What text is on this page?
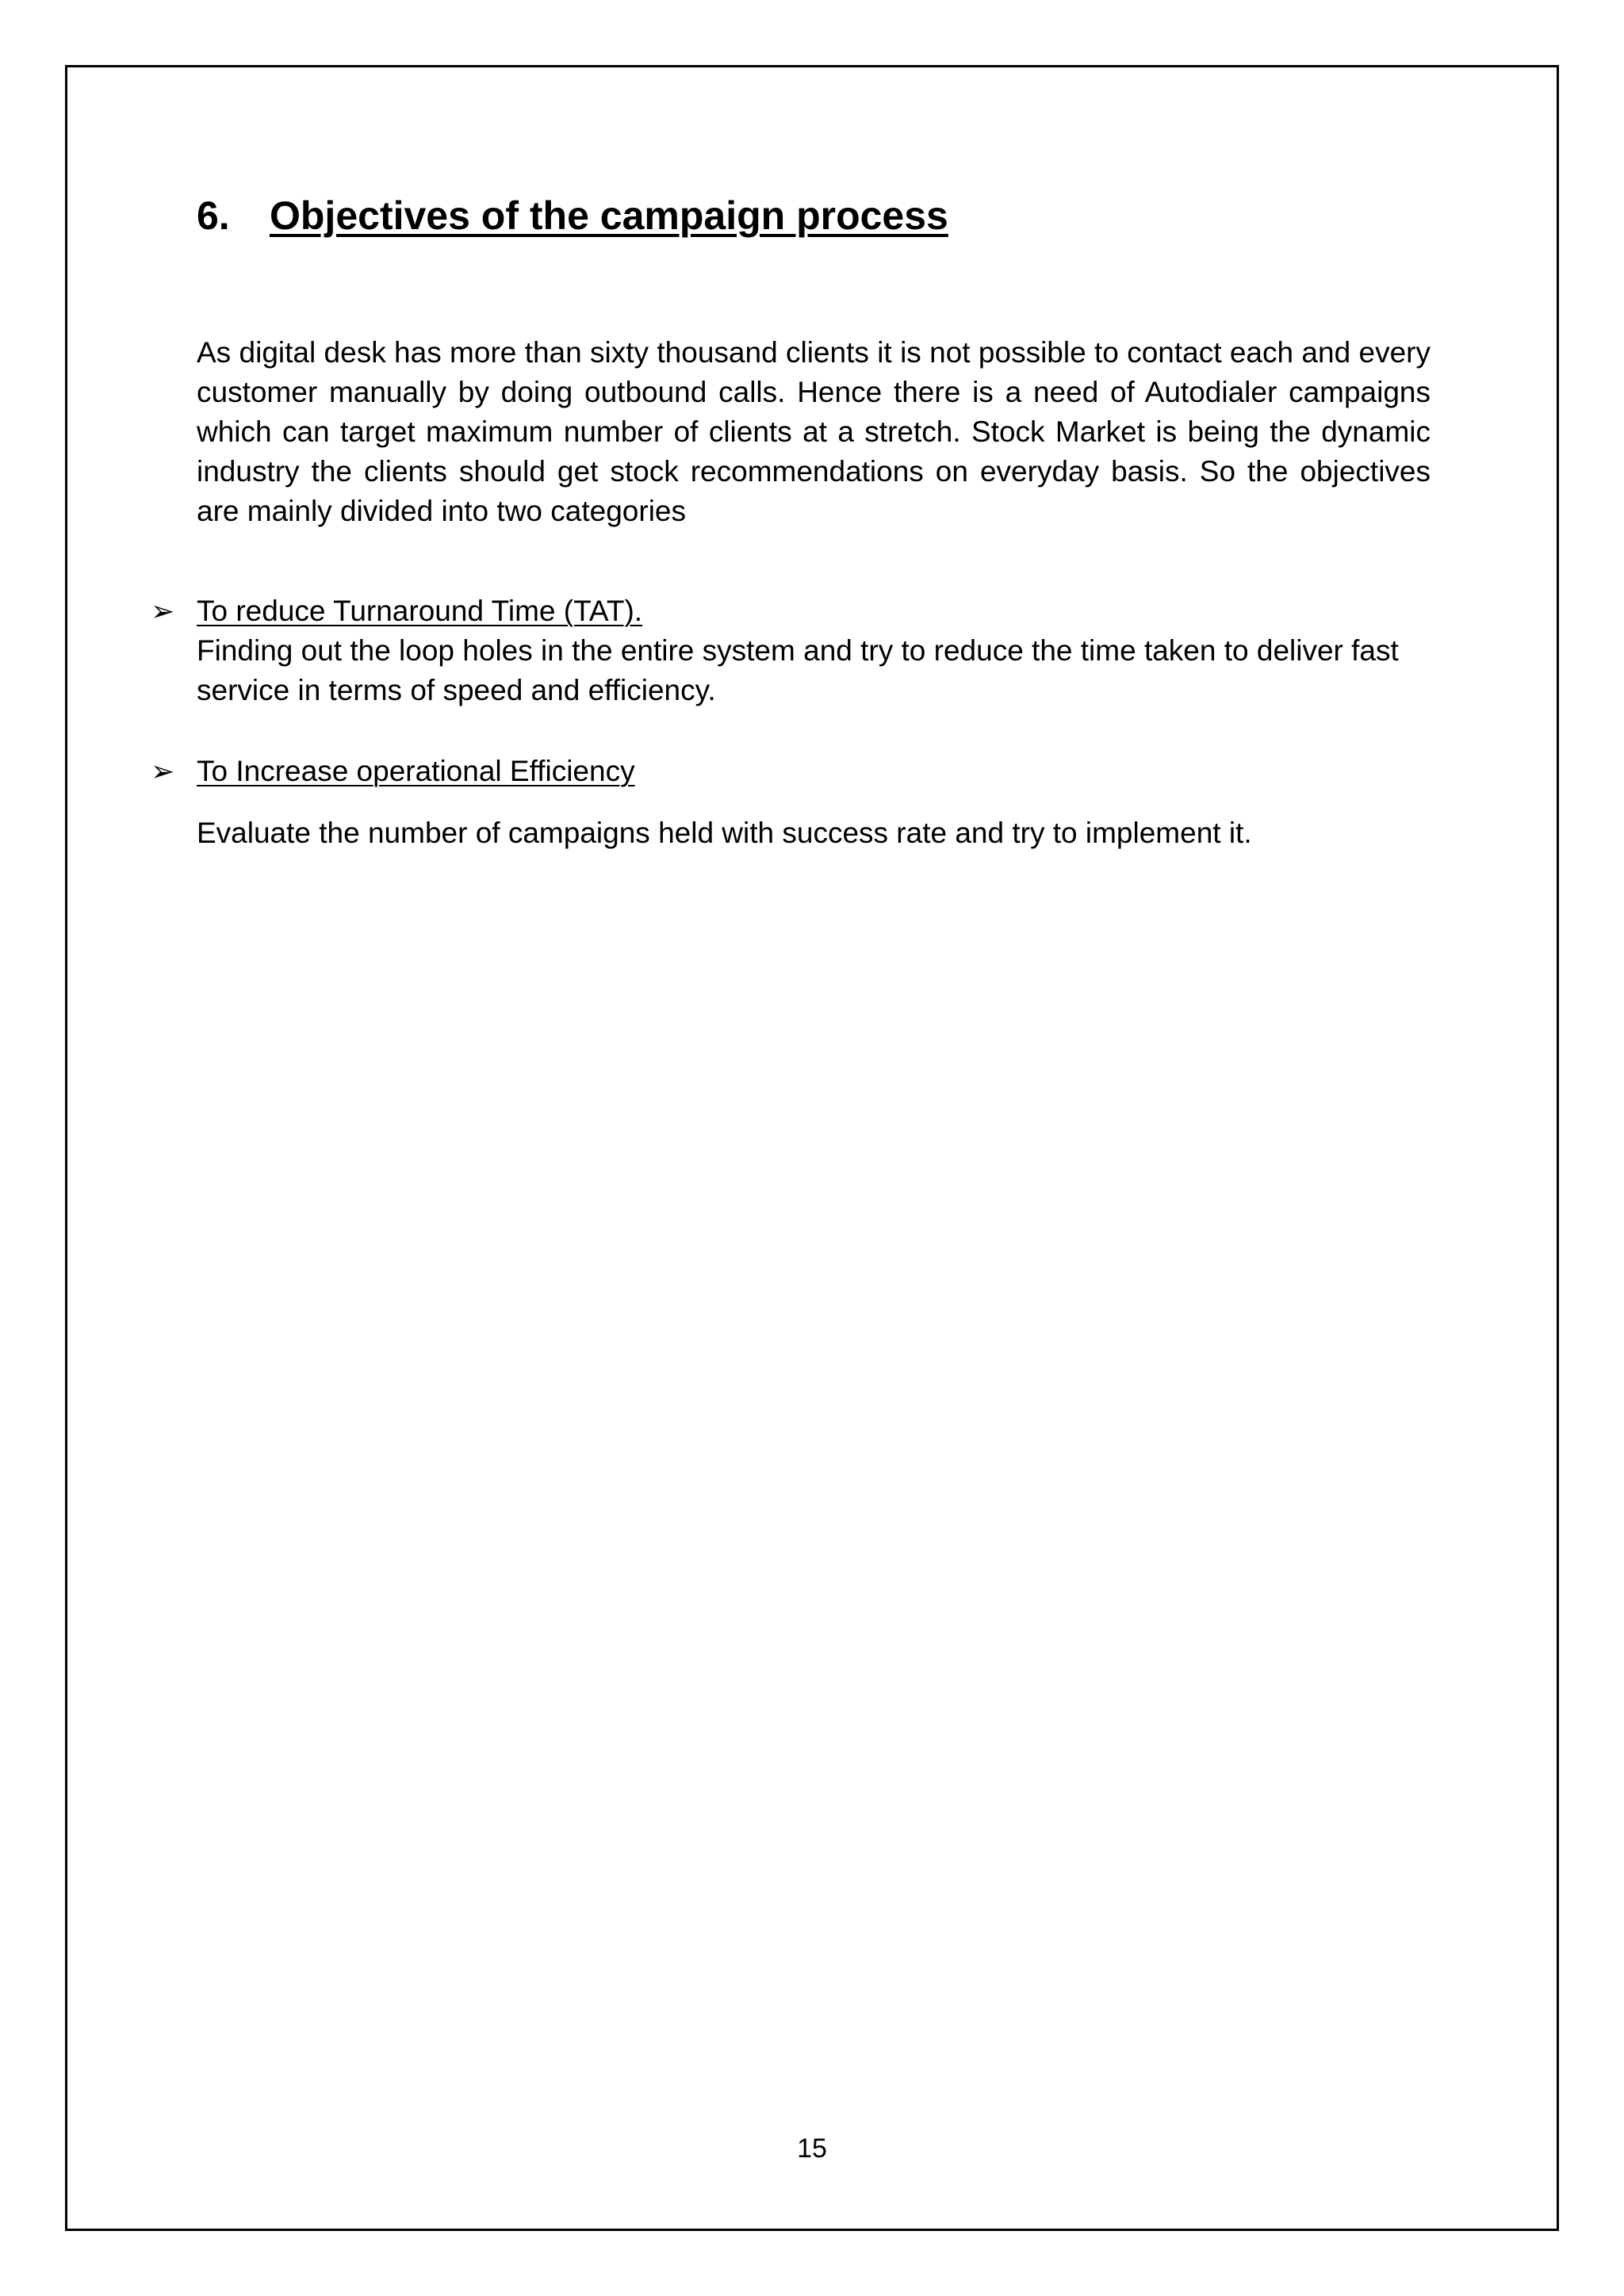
6. Objectives of the campaign process
As digital desk has more than sixty thousand clients it is not possible to contact each and every customer manually by doing outbound calls. Hence there is a need of Autodialer campaigns which can target maximum number of clients at a stretch. Stock Market is being the dynamic industry the clients should get stock recommendations on everyday basis. So the objectives are mainly divided into two categories
➢ To reduce Turnaround Time (TAT).
Finding out the loop holes in the entire system and try to reduce the time taken to deliver fast service in terms of speed and efficiency.
➢ To Increase operational Efficiency
Evaluate the number of campaigns held with success rate and try to implement it.
15
